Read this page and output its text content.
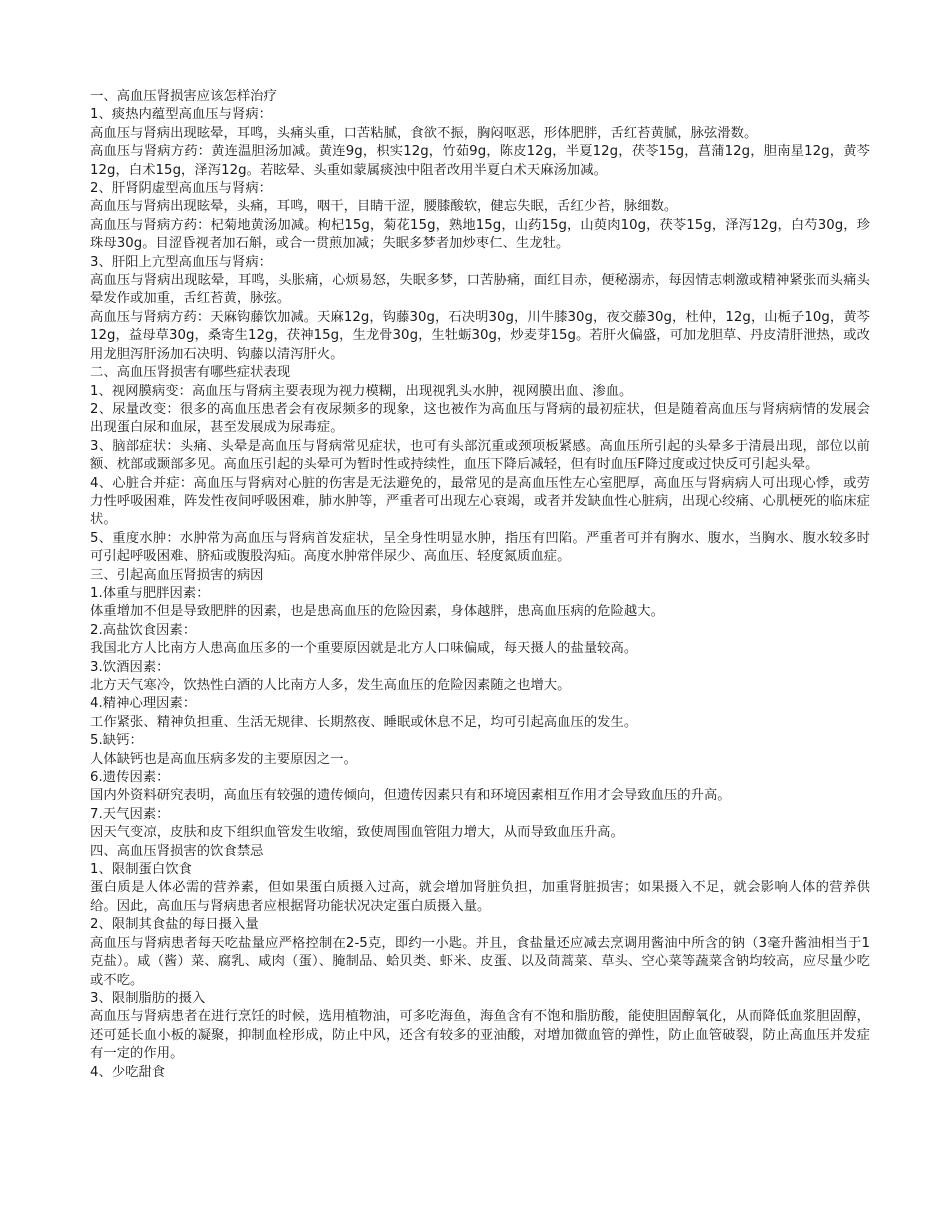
一、高血压肾损害应该怎样治疗

1、痰热内蕴型高血压与肾病：

高血压与肾病出现眩晕，耳鸣，头痛头重，口苦粘腻，食欲不振，胸闷呕恶，形体肥胖，舌红苔黄腻，脉弦滑数。

高血压与肾病方药：黄连温胆汤加减。黄连9g，枳实12g，竹茹9g，陈皮12g，半夏12g，茯苓15g，菖蒲12g，胆南星12g，黄芩12g，白术15g，泽泻12g。若眩晕、头重如蒙属痰浊中阻者改用半夏白术天麻汤加减。

2、肝肾阴虚型高血压与肾病：

高血压与肾病出现眩晕，头痛，耳鸣，咽干，目睛干涩，腰膝酸软，健忘失眠，舌红少苔，脉细数。

高血压与肾病方药：杞菊地黄汤加减。枸杞15g，菊花15g，熟地15g，山药15g，山萸肉10g，茯苓15g，泽泻12g，白芍30g，珍珠母30g。目涩昏视者加石斛，或合一贯煎加减；失眠多梦者加炒枣仁、生龙牡。

3、肝阳上亢型高血压与肾病：

高血压与肾病出现眩晕，耳鸣，头胀痛，心烦易怒，失眠多梦，口苦胁痛，面红目赤，便秘溺赤，每因情志刺激或精神紧张而头痛头晕发作或加重，舌红苔黄，脉弦。

高血压与肾病方药：天麻钩藤饮加减。天麻12g，钩藤30g，石决明30g，川牛膝30g，夜交藤30g，杜仲，12g，山栀子10g，黄芩12g，益母草30g，桑寄生12g，茯神15g，生龙骨30g，生牡蛎30g，炒麦芽15g。若肝火偏盛，可加龙胆草、丹皮清肝泄热，或改用龙胆泻肝汤加石决明、钩藤以清泻肝火。

二、高血压肾损害有哪些症状表现

1、视网膜病变：高血压与肾病主要表现为视力模糊，出现视乳头水肿，视网膜出血、渗血。

2、尿量改变：很多的高血压患者会有夜尿频多的现象，这也被作为高血压与肾病的最初症状，但是随着高血压与肾病病情的发展会出现蛋白尿和血尿，甚至发展成为尿毒症。

3、脑部症状：头痛、头晕是高血压与肾病常见症状，也可有头部沉重或颈项板紧感。高血压所引起的头晕多于清晨出现，部位以前额、枕部或颞部多见。高血压引起的头晕可为暂时性或持续性，血压下降后减轻，但有时血压F降过度或过快反可引起头晕。

4、心脏合并症：高血压与肾病对心脏的伤害是无法避免的，最常见的是高血压性左心室肥厚，高血压与肾病病人可出现心悸，或劳力性呼吸困难，阵发性夜间呼吸困难，肺水肿等，严重者可出现左心衰竭，或者并发缺血性心脏病，出现心绞痛、心肌梗死的临床症状。

5、重度水肿：水肿常为高血压与肾病首发症状，呈全身性明显水肿，指压有凹陷。严重者可并有胸水、腹水，当胸水、腹水较多时可引起呼吸困难、脐疝或腹股沟疝。高度水肿常伴尿少、高血压、轻度氮质血症。

三、引起高血压肾损害的病因

1.体重与肥胖因素：

体重增加不但是导致肥胖的因素，也是患高血压的危险因素，身体越胖，患高血压病的危险越大。

2.高盐饮食因素：

我国北方人比南方人患高血压多的一个重要原因就是北方人口味偏咸，每天摄人的盐量较高。

3.饮酒因素：

北方天气寒冷，饮热性白酒的人比南方人多，发生高血压的危险因素随之也增大。

4.精神心理因素：

工作紧张、精神负担重、生活无规律、长期熬夜、睡眠或休息不足，均可引起高血压的发生。

5.缺钙：

人体缺钙也是高血压病多发的主要原因之一。

6.遗传因素：

国内外资料研究表明，高血压有较强的遗传倾向，但遗传因素只有和环境因素相互作用才会导致血压的升高。

7.天气因素：

因天气变凉，皮肤和皮下组织血管发生收缩，致使周围血管阻力增大，从而导致血压升高。

四、高血压肾损害的饮食禁忌

1、限制蛋白饮食

蛋白质是人体必需的营养素，但如果蛋白质摄入过高，就会增加肾脏负担，加重肾脏损害；如果摄入不足，就会影响人体的营养供给。因此，高血压与肾病患者应根据肾功能状况决定蛋白质摄入量。

2、限制其食盐的每日摄入量

高血压与肾病患者每天吃盐量应严格控制在2-5克，即约一小匙。并且，食盐量还应减去烹调用酱油中所含的钠（3毫升酱油相当于1克盐）。咸（酱）菜、腐乳、咸肉（蛋）、腌制品、蛤贝类、虾米、皮蛋、以及茼蒿菜、草头、空心菜等蔬菜含钠均较高，应尽量少吃或不吃。

3、限制脂肪的摄入

高血压与肾病患者在进行烹饪的时候，选用植物油，可多吃海鱼，海鱼含有不饱和脂肪酸，能使胆固醇氧化，从而降低血浆胆固醇，还可延长血小板的凝聚，抑制血栓形成，防止中风，还含有较多的亚油酸，对增加微血管的弹性，防止血管破裂，防止高血压并发症有一定的作用。

4、少吃甜食
